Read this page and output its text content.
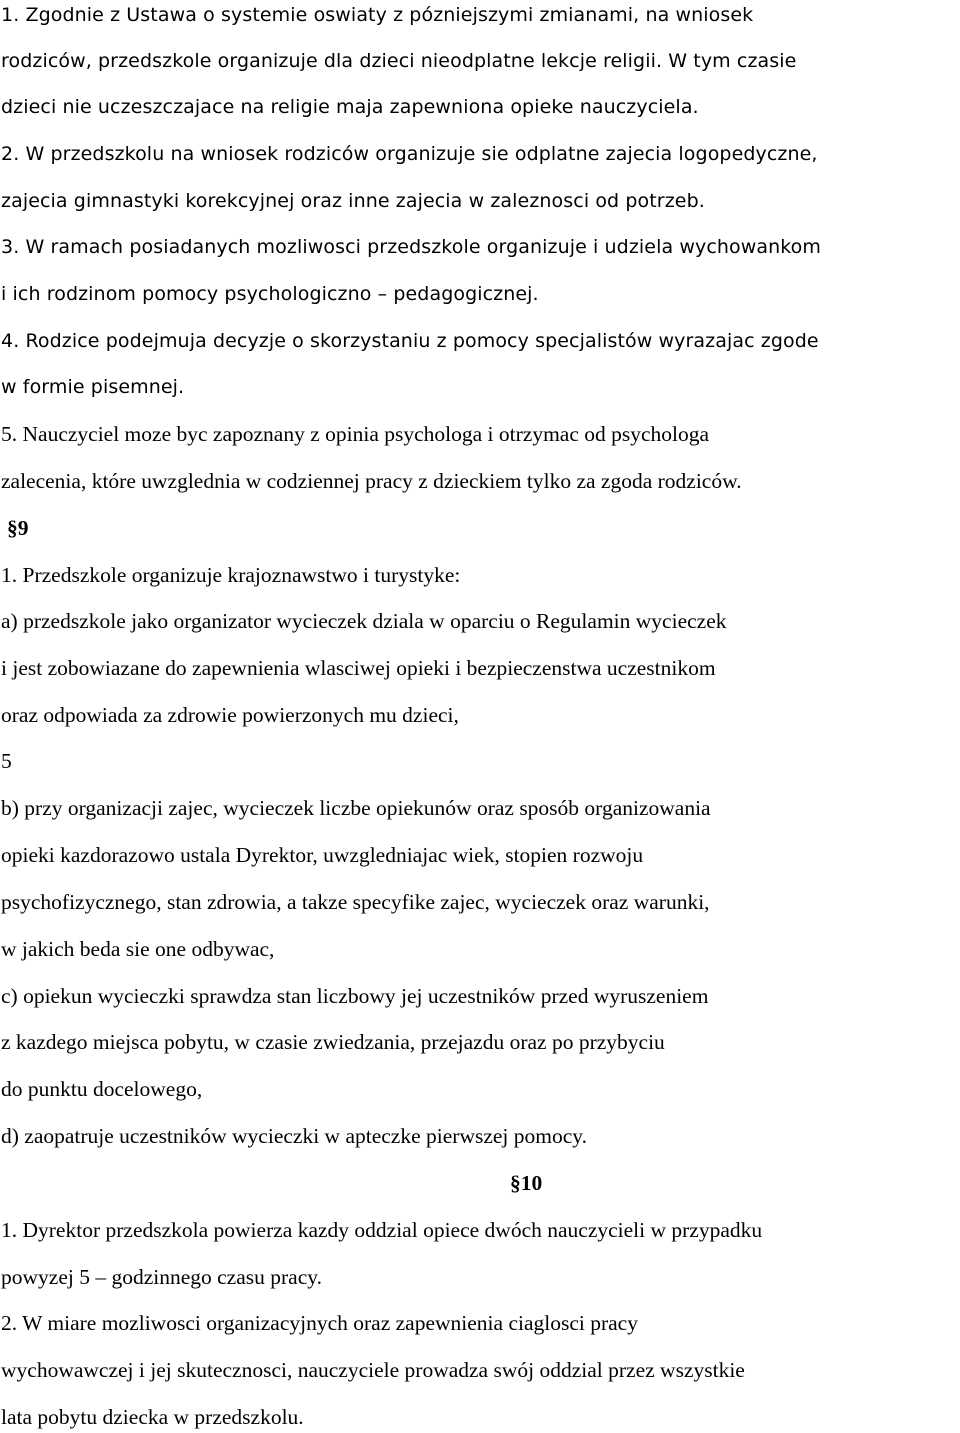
1. Zgodnie z Ustawa o systemie oswiaty z pózniejszymi zmianami, na wniosek

rodziców, przedszkole organizuje dla dzieci nieodplatne lekcje religii. W tym czasie

dzieci nie uczeszczajace na religie maja zapewniona opieke nauczyciela.

2. W przedszkolu na wniosek rodziców organizuje sie odplatne zajecia logopedyczne,

zajecia gimnastyki korekcyjnej oraz inne zajecia w zaleznosci od potrzeb.

3. W ramach posiadanych mozliwosci przedszkole organizuje i udziela wychowankom

i ich rodzinom pomocy psychologiczno – pedagogicznej.

4. Rodzice podejmuja decyzje o skorzystaniu z pomocy specjalistów wyrazajac zgode

w formie pisemnej.

5. Nauczyciel moze byc zapoznany z opinia psychologa i otrzymac od psychologa

zalecenia, które uwzglednia w codziennej pracy z dzieckiem tylko za zgoda rodziców.

§9

1. Przedszkole organizuje krajoznawstwo i turystyke:

a) przedszkole jako organizator wycieczek dziala w oparciu o Regulamin wycieczek

i jest zobowiazane do zapewnienia wlasciwej opieki i bezpieczenstwa uczestnikom

oraz odpowiada za zdrowie powierzonych mu dzieci,

5

b) przy organizacji zajec, wycieczek liczbe opiekunów oraz sposób organizowania

opieki kazdorazowo ustala Dyrektor, uwzgledniajac wiek, stopien rozwoju

psychofizycznego, stan zdrowia, a takze specyfike zajec, wycieczek oraz warunki,

w jakich beda sie one odbywac,

c) opiekun wycieczki sprawdza stan liczbowy jej uczestników przed wyruszeniem

z kazdego miejsca pobytu, w czasie zwiedzania, przejazdu oraz po przybyciu

do punktu docelowego,

d) zaopatruje uczestników wycieczki w apteczke pierwszej pomocy.

§10

1. Dyrektor przedszkola powierza kazdy oddzial opiece dwóch nauczycieli w przypadku

powyzej 5 – godzinnego czasu pracy.

2. W miare mozliwosci organizacyjnych oraz zapewnienia ciaglosci pracy

wychowawczej i jej skutecznosci, nauczyciele prowadza swój oddzial przez wszystkie

lata pobytu dziecka w przedszkolu.
